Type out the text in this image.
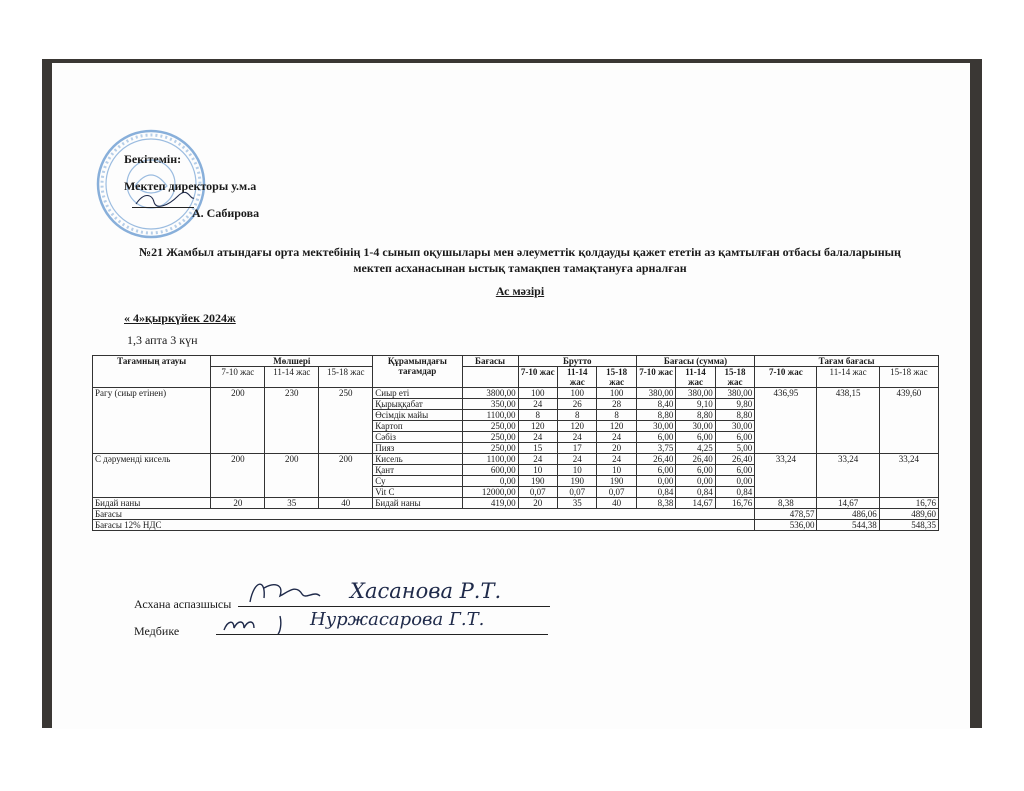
Бекітемін:
Мектеп директоры у.м.а
А. Сабирова
№21 Жамбыл атындағы орта мектебінің 1-4 сынып оқушылары мен әлеуметтік қолдауды қажет ететін аз қамтылған отбасы балаларының
мектеп асханасынан ыстық тамақпен тамақтануға арналған
Ас мәзірі
« 4»қыркүйек 2024ж
1,3 апта 3 күн
Тағамның атауы	Мөлшері			Құрамындағы тағамдар	Бағасы	Брутто			Бағасы (сумма)			Тағам бағасы		
	7-10 жас	11-14 жас	15-18 жас			7-10 жас	11-14 жас	15-18 жас	7-10 жас	11-14 жас	15-18 жас	7-10 жас	11-14 жас	15-18 жас
Рагу (сиыр етінен)	200	230	250	Сиыр еті	3800,00	100	100	100	380,00	380,00	380,00	436,95	438,15	439,60
				Қырыққабат	350,00	24	26	28	8,40	9,10	9,80			
				Өсімдік майы	1100,00	8	8	8	8,80	8,80	8,80			
				Картоп	250,00	120	120	120	30,00	30,00	30,00			
				Сәбіз	250,00	24	24	24	6,00	6,00	6,00			
				Пияз	250,00	15	17	20	3,75	4,25	5,00			
С дәруменді кисель	200	200	200	Кисель	1100,00	24	24	24	26,40	26,40	26,40	33,24	33,24	33,24
				Қант	600,00	10	10	10	6,00	6,00	6,00			
				Су	0,00	190	190	190	0,00	0,00	0,00			
				Vit C	12000,00	0,07	0,07	0,07	0,84	0,84	0,84			
Бидай наны	20	35	40	Бидай наны	419,00	20	35	40	8,38	14,67	16,76	8,38	14,67	16,76
Бағасы												478,57	486,06	489,60
Бағасы 12% НДС												536,00	544,38	548,35
Асхана аспазшысы
Хасанова Р.Т.
Медбике
Нуржасарова Г.Т.
